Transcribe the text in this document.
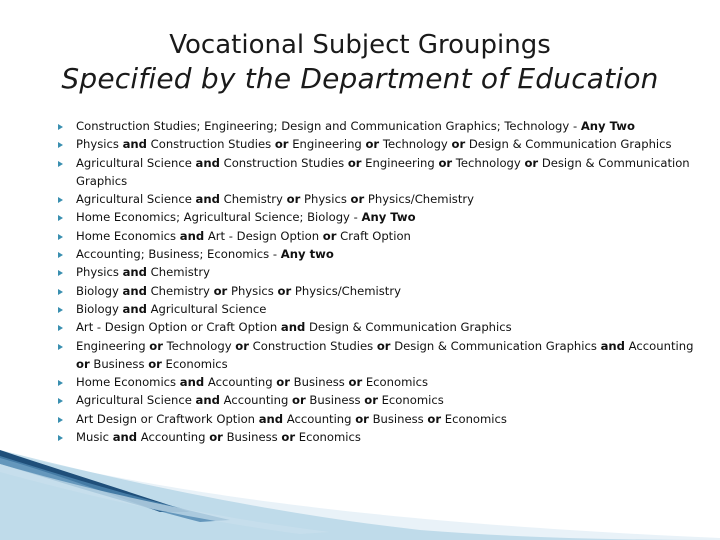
Vocational Subject Groupings
Specified by the Department of Education
Construction Studies; Engineering; Design and Communication Graphics; Technology - Any Two
Physics and Construction Studies or Engineering or Technology or Design & Communication Graphics
Agricultural Science and Construction Studies or Engineering or Technology or Design & Communication Graphics
Agricultural Science and Chemistry or Physics or Physics/Chemistry
Home Economics; Agricultural Science; Biology - Any Two
Home Economics and Art - Design Option or Craft Option
Accounting; Business; Economics - Any two
Physics and Chemistry
Biology and Chemistry or Physics or Physics/Chemistry
Biology and Agricultural Science
Art - Design Option or Craft Option and Design & Communication Graphics
Engineering or Technology or Construction Studies or Design & Communication Graphics and Accounting or Business or Economics
Home Economics and Accounting or Business or Economics
Agricultural Science and Accounting or Business or Economics
Art Design or Craftwork Option and Accounting or Business or Economics
Music and Accounting or Business or Economics
